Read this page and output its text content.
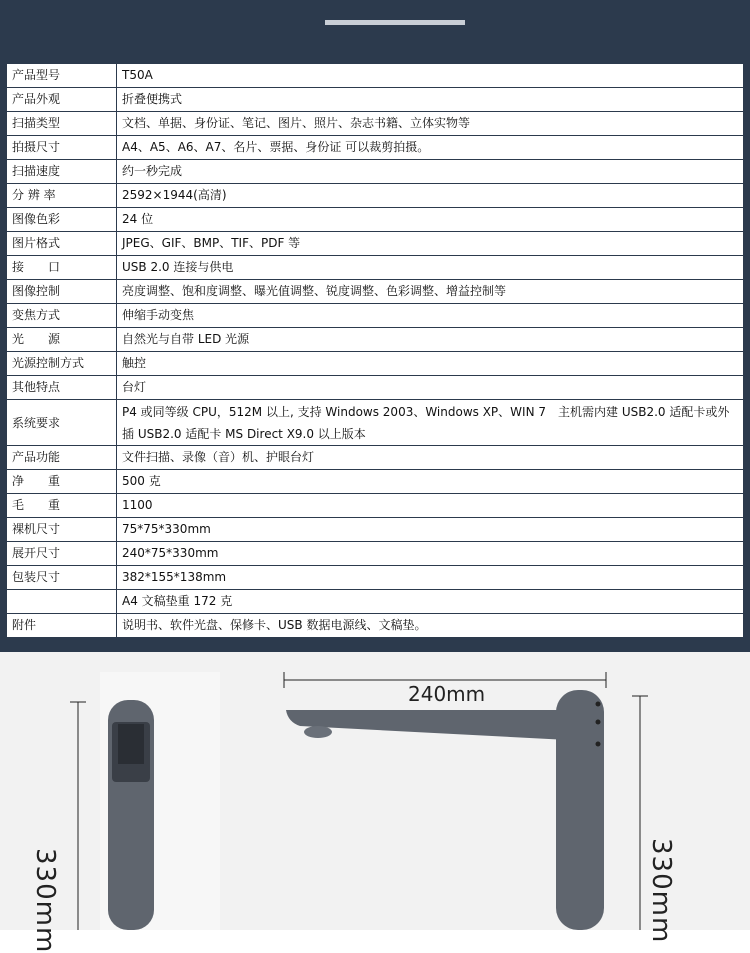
产品型号	T50A
产品外观	折叠便携式
扫描类型	文档、单据、身份证、笔记、图片、照片、杂志书籍、立体实物等
拍摄尺寸	A4、A5、A6、A7、名片、票据、身份证 可以裁剪拍摄。
扫描速度	约一秒完成
分 辨 率	2592×1944(高清)
图像色彩	24 位
图片格式	JPEG、GIF、BMP、TIF、PDF 等
接　　口	USB 2.0 连接与供电
图像控制	亮度调整、饱和度调整、曝光值调整、锐度调整、色彩调整、增益控制等
变焦方式	伸缩手动变焦
光　　源	自然光与自带 LED 光源
光源控制方式	触控
其他特点	台灯
系统要求	P4 或同等级 CPU，512M 以上, 支持 Windows 2003、Windows XP、WIN 7　主机需内建 USB2.0 适配卡或外插 USB2.0 适配卡 MS Direct X9.0 以上版本
产品功能	文件扫描、录像（音）机、护眼台灯
净　　重	500 克
毛　　重	1100
裸机尺寸	75*75*330mm
展开尺寸	240*75*330mm
包装尺寸	382*155*138mm
	A4 文稿垫重 172 克
附件	说明书、软件光盘、保修卡、USB 数据电源线、文稿垫。
240mm
330mm	330mm
